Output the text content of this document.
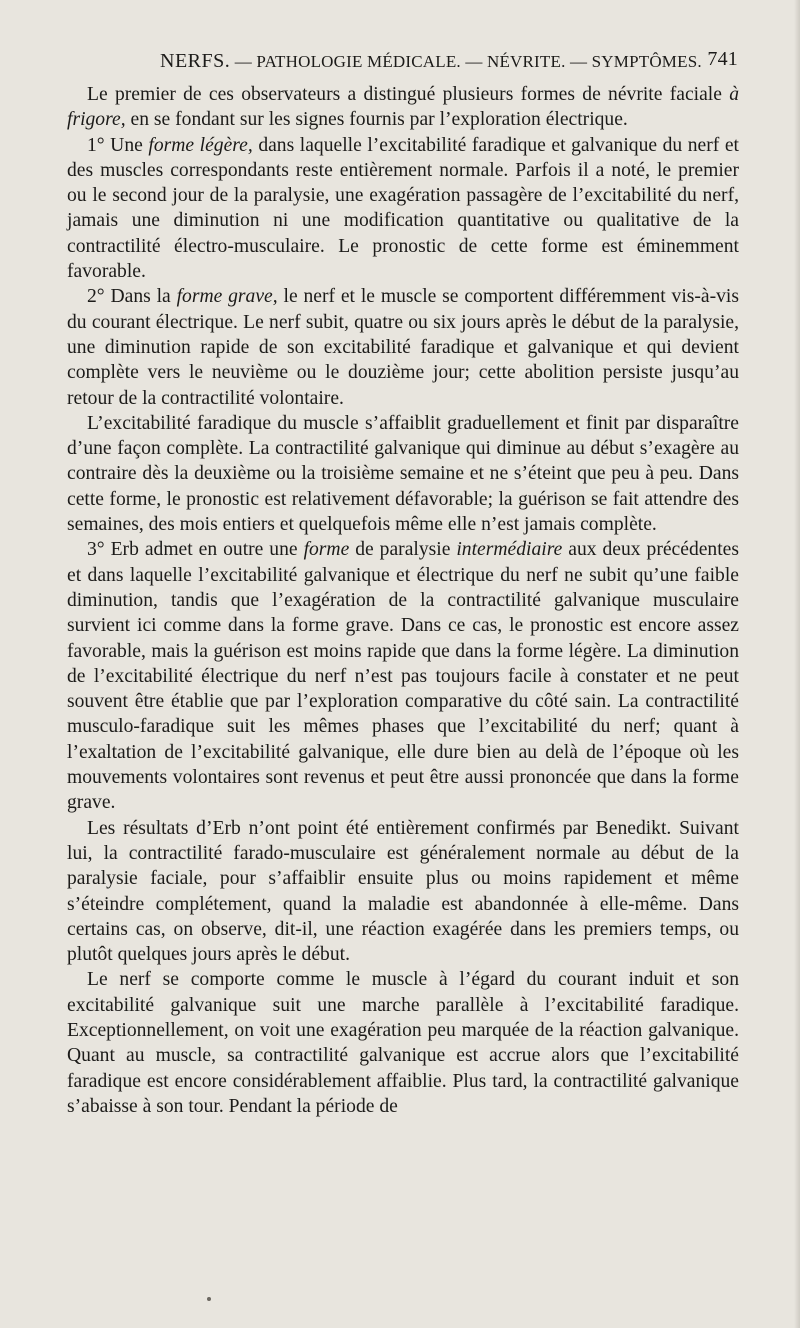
NERFS. — PATHOLOGIE MÉDICALE. — NÉVRITE. — SYMPTÔMES. 741

Le premier de ces observateurs a distingué plusieurs formes de névrite faciale à frigore, en se fondant sur les signes fournis par l’exploration électrique.

1° Une forme légère, dans laquelle l’excitabilité faradique et galvanique du nerf et des muscles correspondants reste entièrement normale. Parfois il a noté, le premier ou le second jour de la paralysie, une exagération passagère de l’excitabilité du nerf, jamais une diminution ni une modification quantitative ou qualitative de la contractilité électro-musculaire. Le pronostic de cette forme est éminemment favorable.

2° Dans la forme grave, le nerf et le muscle se comportent différemment vis-à-vis du courant électrique. Le nerf subit, quatre ou six jours après le début de la paralysie, une diminution rapide de son excitabilité faradique et galvanique et qui devient complète vers le neuvième ou le douzième jour; cette abolition persiste jusqu’au retour de la contractilité volontaire.

L’excitabilité faradique du muscle s’affaiblit graduellement et finit par disparaître d’une façon complète. La contractilité galvanique qui diminue au début s’exagère au contraire dès la deuxième ou la troisième semaine et ne s’éteint que peu à peu. Dans cette forme, le pronostic est relativement défavorable; la guérison se fait attendre des semaines, des mois entiers et quelquefois même elle n’est jamais complète.

3° Erb admet en outre une forme de paralysie intermédiaire aux deux précédentes et dans laquelle l’excitabilité galvanique et électrique du nerf ne subit qu’une faible diminution, tandis que l’exagération de la contractilité galvanique musculaire survient ici comme dans la forme grave. Dans ce cas, le pronostic est encore assez favorable, mais la guérison est moins rapide que dans la forme légère. La diminution de l’excitabilité électrique du nerf n’est pas toujours facile à constater et ne peut souvent être établie que par l’exploration comparative du côté sain. La contractilité musculo-faradique suit les mêmes phases que l’excitabilité du nerf; quant à l’exaltation de l’excitabilité galvanique, elle dure bien au delà de l’époque où les mouvements volontaires sont revenus et peut être aussi prononcée que dans la forme grave.

Les résultats d’Erb n’ont point été entièrement confirmés par Benedikt. Suivant lui, la contractilité farado-musculaire est généralement normale au début de la paralysie faciale, pour s’affaiblir ensuite plus ou moins rapidement et même s’éteindre complétement, quand la maladie est abandonnée à elle-même. Dans certains cas, on observe, dit-il, une réaction exagérée dans les premiers temps, ou plutôt quelques jours après le début.

Le nerf se comporte comme le muscle à l’égard du courant induit et son excitabilité galvanique suit une marche parallèle à l’excitabilité faradique. Exceptionnellement, on voit une exagération peu marquée de la réaction galvanique. Quant au muscle, sa contractilité galvanique est accrue alors que l’excitabilité faradique est encore considérablement affaiblie. Plus tard, la contractilité galvanique s’abaisse à son tour. Pendant la période de
